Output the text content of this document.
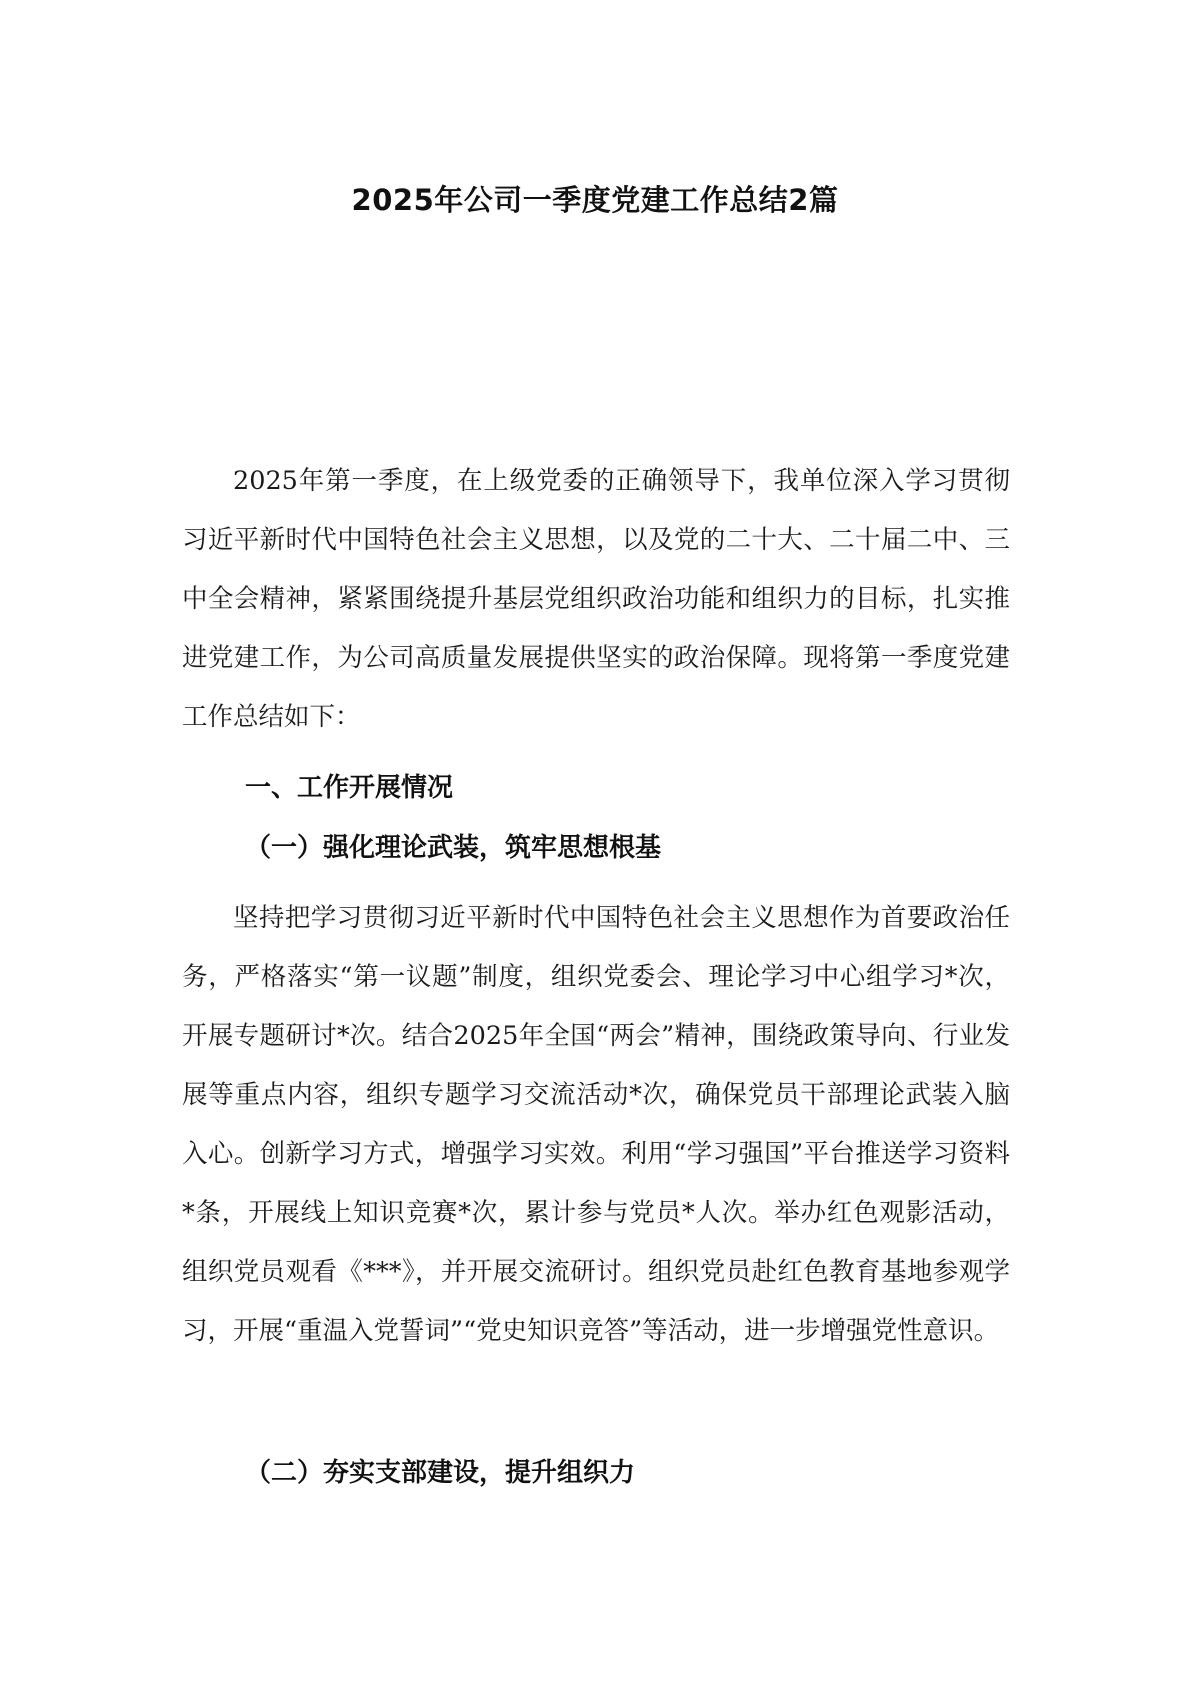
2025年公司一季度党建工作总结2篇

2025年第一季度，在上级党委的正确领导下，我单位深入学习贯彻习近平新时代中国特色社会主义思想，以及党的二十大、二十届二中、三中全会精神，紧紧围绕提升基层党组织政治功能和组织力的目标，扎实推进党建工作，为公司高质量发展提供坚实的政治保障。现将第一季度党建工作总结如下：

一、工作开展情况
（一）强化理论武装，筑牢思想根基

坚持把学习贯彻习近平新时代中国特色社会主义思想作为首要政治任务，严格落实“第一议题”制度，组织党委会、理论学习中心组学习*次，开展专题研讨*次。结合2025年全国“两会”精神，围绕政策导向、行业发展等重点内容，组织专题学习交流活动*次，确保党员干部理论武装入脑入心。创新学习方式，增强学习实效。利用“学习强国”平台推送学习资料*条，开展线上知识竞赛*次，累计参与党员*人次。举办红色观影活动，组织党员观看《***》，并开展交流研讨。组织党员赴红色教育基地参观学习，开展“重温入党誓词”“党史知识竞答”等活动，进一步增强党性意识。

（二）夯实支部建设，提升组织力
